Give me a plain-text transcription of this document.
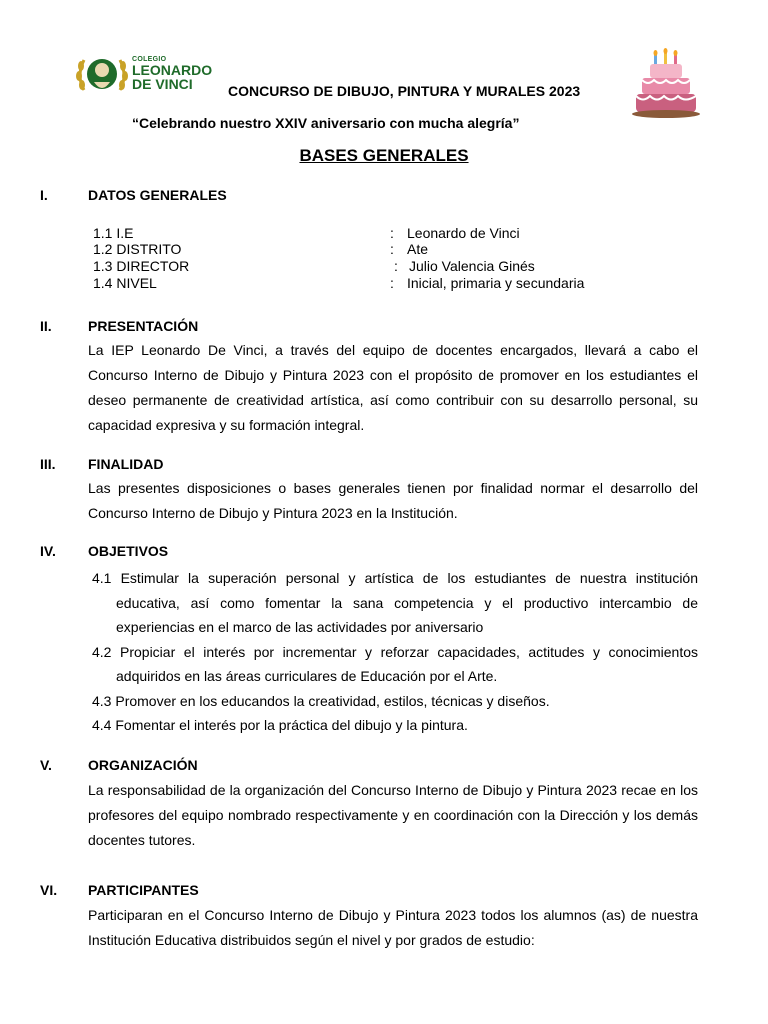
COLEGIO
LEONARDO
DE VINCI	CONCURSO DE DIBUJO, PINTURA Y MURALES 2023
“Celebrando nuestro XXIV aniversario con mucha alegría”
BASES GENERALES
I.	DATOS GENERALES
1.1 I.E	: Leonardo de Vinci
1.2 DISTRITO	: Ate
1.3 DIRECTOR	: Julio Valencia Ginés
1.4 NIVEL	: Inicial, primaria y secundaria
II.	PRESENTACIÓN
La IEP Leonardo De Vinci, a través del equipo de docentes encargados, llevará a cabo el Concurso Interno de Dibujo y Pintura 2023 con el propósito de promover en los estudiantes el deseo permanente de creatividad artística, así como contribuir con su desarrollo personal, su capacidad expresiva y su formación integral.
III. FINALIDAD
Las presentes disposiciones o bases generales tienen por finalidad normar el desarrollo del Concurso Interno de Dibujo y Pintura 2023 en la Institución.
IV. OBJETIVOS
4.1 Estimular la superación personal y artística de los estudiantes de nuestra institución educativa, así como fomentar la sana competencia y el productivo intercambio de experiencias en el marco de las actividades por aniversario
4.2 Propiciar el interés por incrementar y reforzar capacidades, actitudes y conocimientos adquiridos en las áreas curriculares de Educación por el Arte.
4.3 Promover en los educandos la creatividad, estilos, técnicas y diseños.
4.4 Fomentar el interés por la práctica del dibujo y la pintura.
V.	ORGANIZACIÓN
La responsabilidad de la organización del Concurso Interno de Dibujo y Pintura 2023 recae en los profesores del equipo nombrado respectivamente y en coordinación con la Dirección y los demás docentes tutores.
VI. PARTICIPANTES
Participaran en el Concurso Interno de Dibujo y Pintura 2023 todos los alumnos (as) de nuestra Institución Educativa distribuidos según el nivel y por grados de estudio:
